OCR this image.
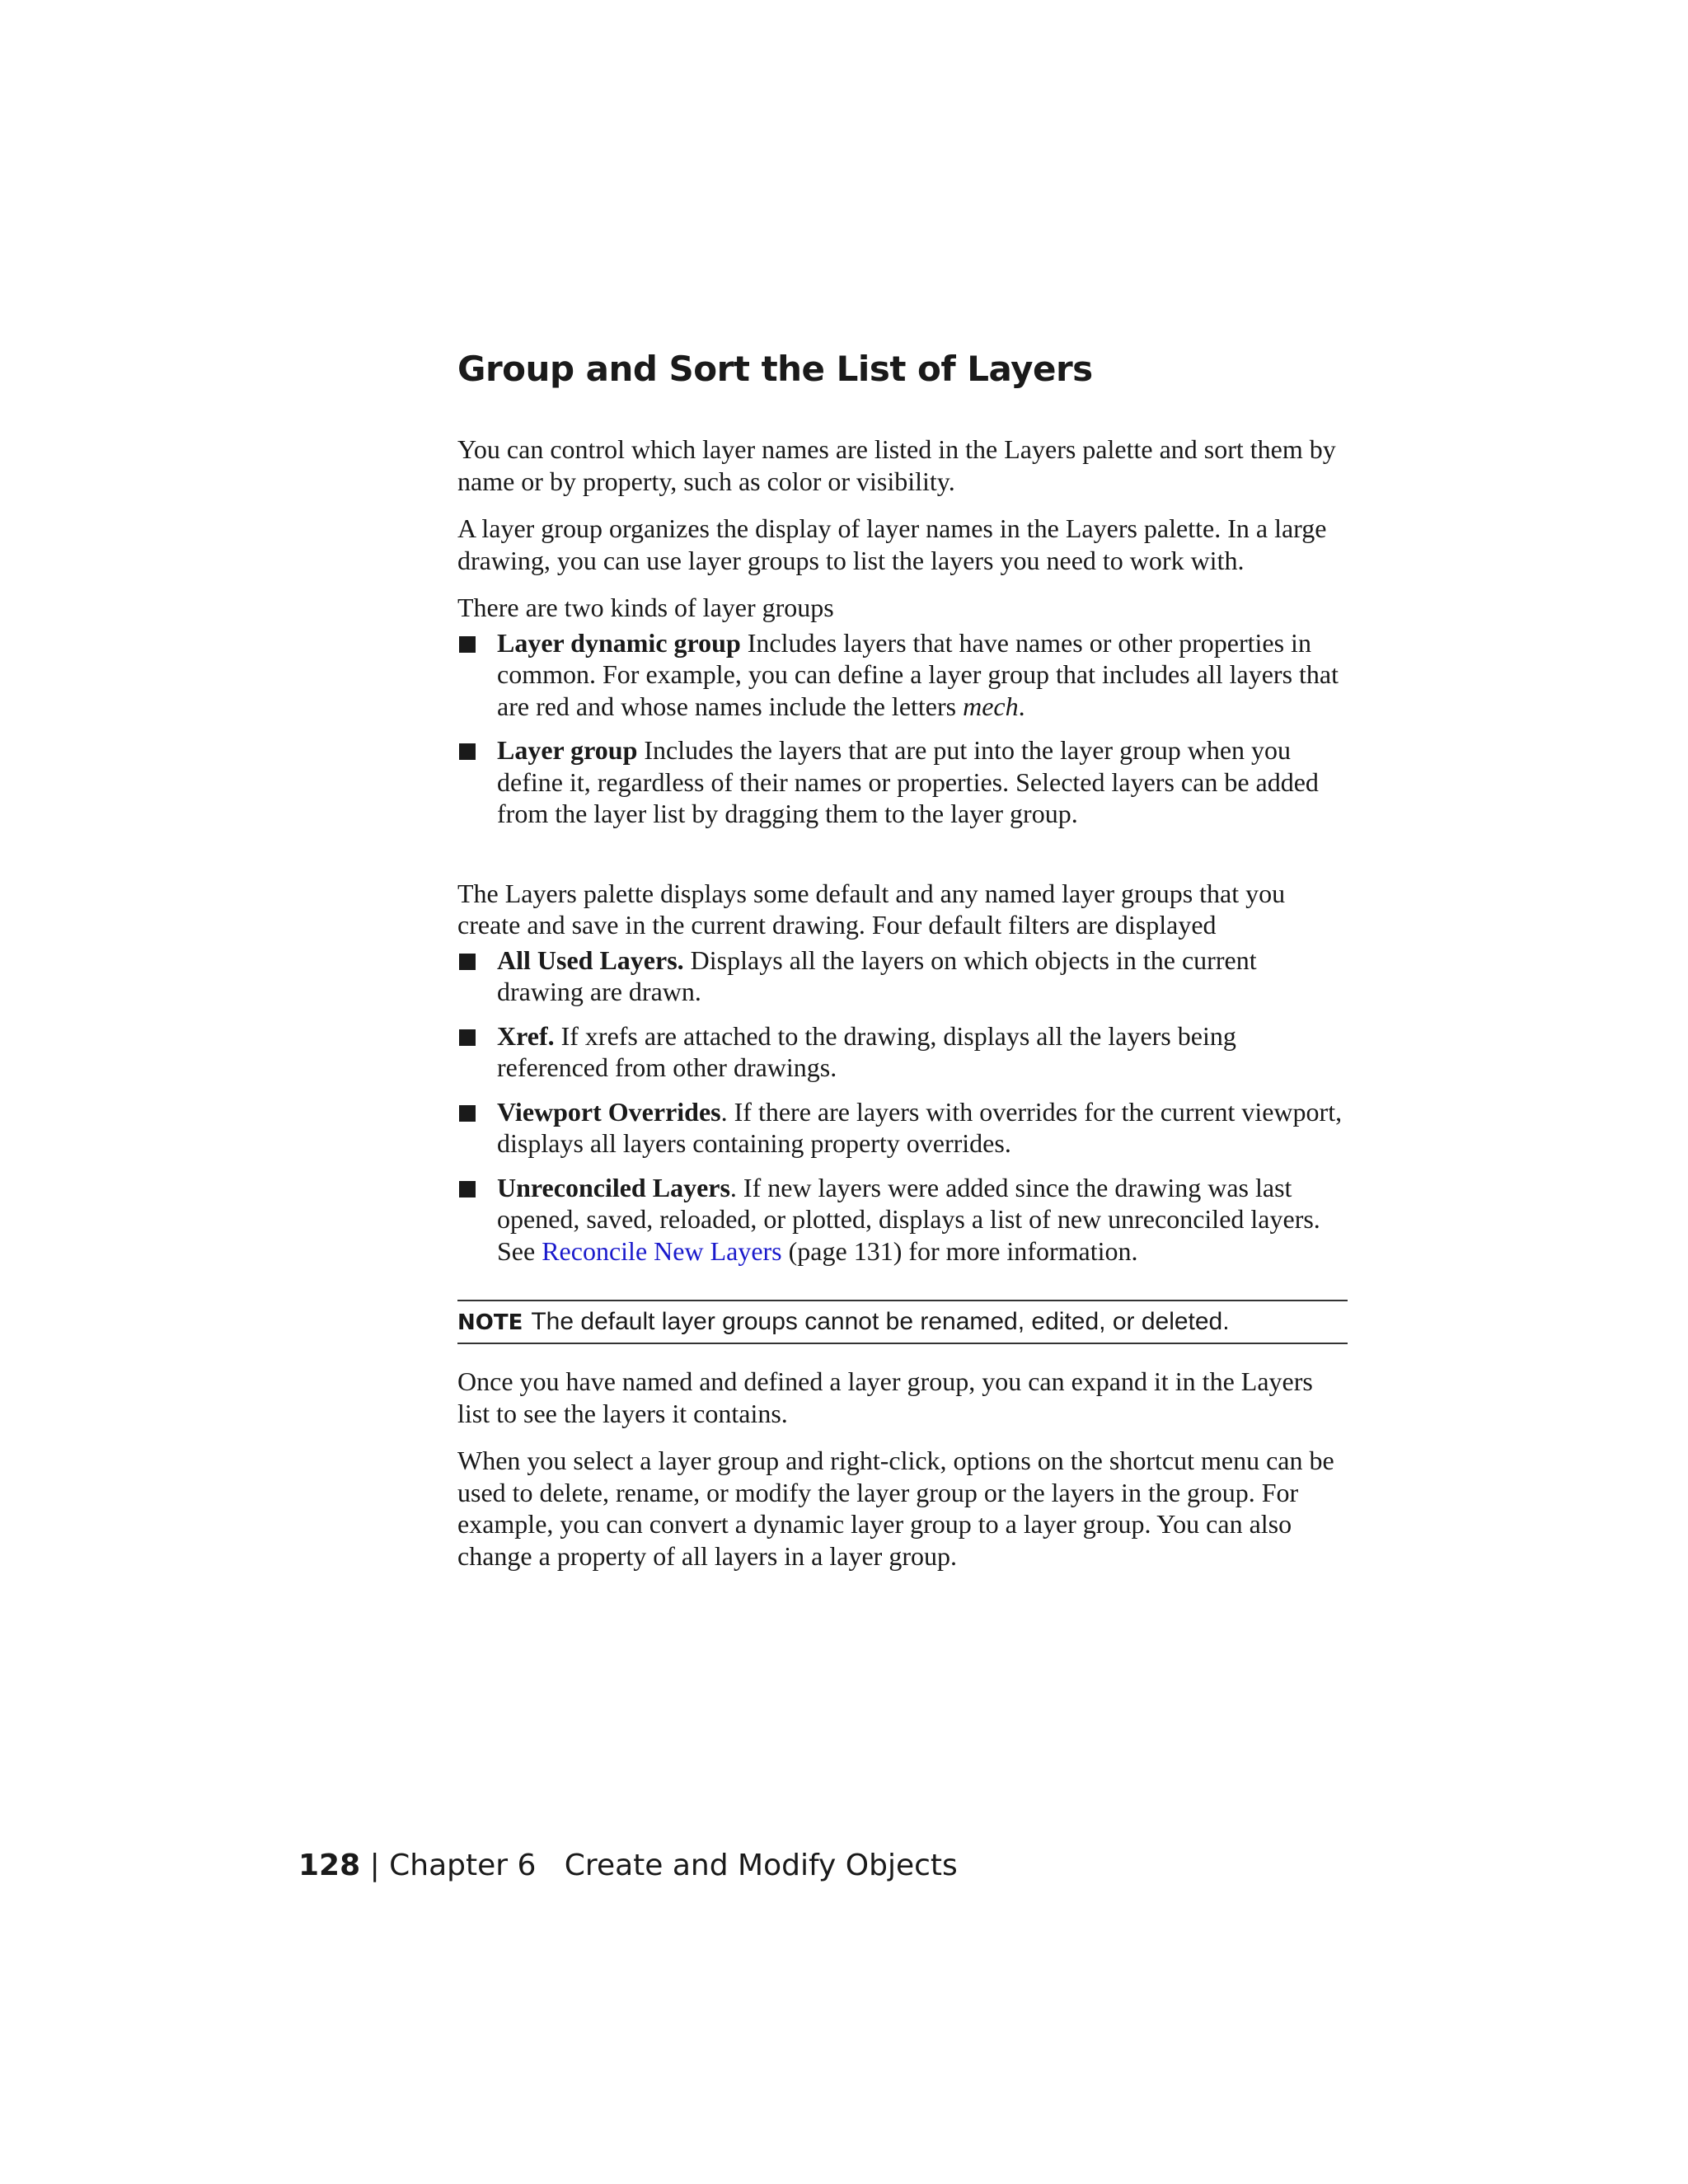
Group and Sort the List of Layers

You can control which layer names are listed in the Layers palette and sort them by name or by property, such as color or visibility.

A layer group organizes the display of layer names in the Layers palette. In a large drawing, you can use layer groups to list the layers you need to work with.

There are two kinds of layer groups

Layer dynamic group Includes layers that have names or other properties in common. For example, you can define a layer group that includes all layers that are red and whose names include the letters mech.
Layer group Includes the layers that are put into the layer group when you define it, regardless of their names or properties. Selected layers can be added from the layer list by dragging them to the layer group.

The Layers palette displays some default and any named layer groups that you create and save in the current drawing. Four default filters are displayed

All Used Layers. Displays all the layers on which objects in the current drawing are drawn.
Xref. If xrefs are attached to the drawing, displays all the layers being referenced from other drawings.
Viewport Overrides. If there are layers with overrides for the current viewport, displays all layers containing property overrides.
Unreconciled Layers. If new layers were added since the drawing was last opened, saved, reloaded, or plotted, displays a list of new unreconciled layers. See Reconcile New Layers (page 131) for more information.
NOTE The default layer groups cannot be renamed, edited, or deleted.

Once you have named and defined a layer group, you can expand it in the Layers list to see the layers it contains.

When you select a layer group and right-click, options on the shortcut menu can be used to delete, rename, or modify the layer group or the layers in the group. For example, you can convert a dynamic layer group to a layer group. You can also change a property of all layers in a layer group.

128 | Chapter 6 Create and Modify Objects
